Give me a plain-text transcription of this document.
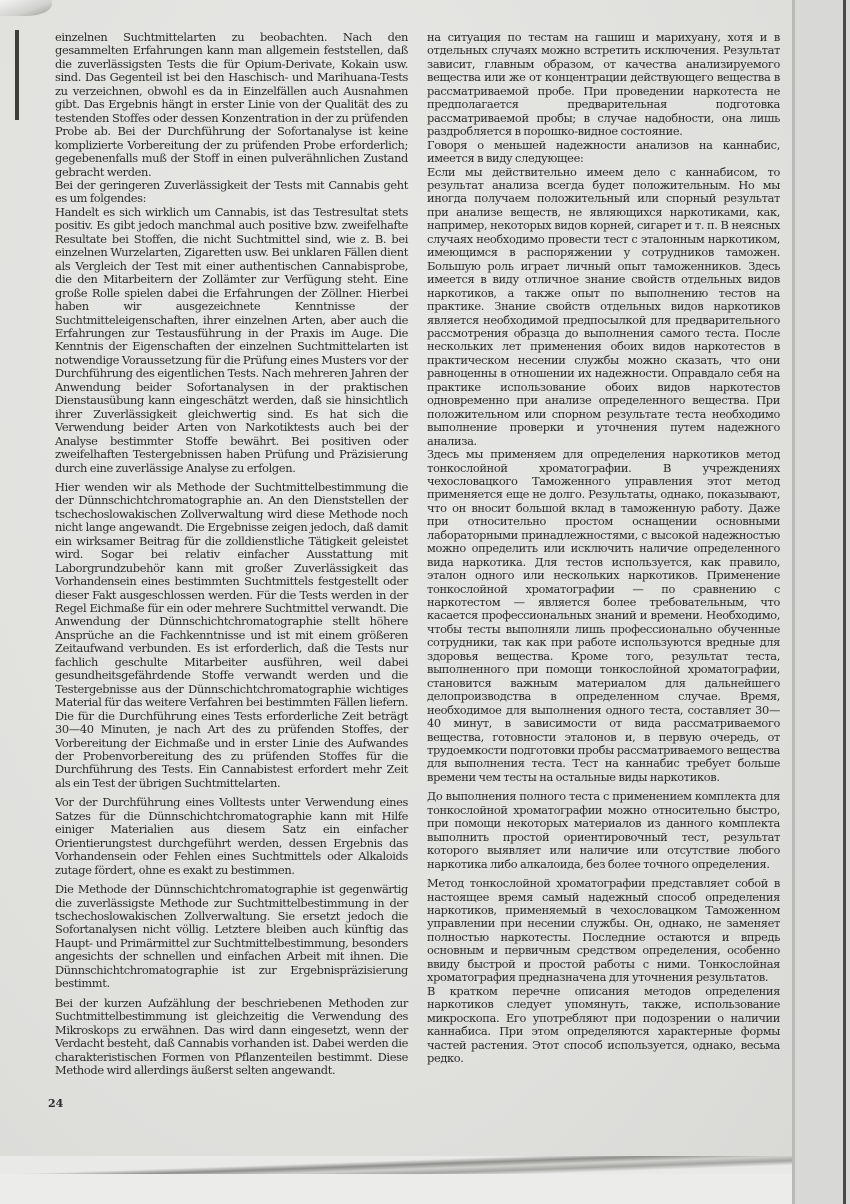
einzelnen Suchtmittelarten zu beobachten. Nach den gesammelten Erfahrungen kann man allgemein feststellen, daß die zuverlässigsten Tests die für Opium-Derivate, Kokain usw. sind. Das Gegenteil ist bei den Haschisch- und Marihuana-Tests zu verzeichnen, obwohl es da in Einzelfällen auch Ausnahmen gibt. Das Ergebnis hängt in erster Linie von der Qualität des zu testenden Stoffes oder dessen Konzentration in der zu prüfenden Probe ab. Bei der Durchführung der Sofortanalyse ist keine komplizierte Vorbereitung der zu prüfenden Probe erforderlich; gegebenenfalls muß der Stoff in einen pulverähnlichen Zustand gebracht werden.

Bei der geringeren Zuverlässigkeit der Tests mit Cannabis geht es um folgendes:

Handelt es sich wirklich um Cannabis, ist das Testresultat stets positiv. Es gibt jedoch manchmal auch positive bzw. zweifelhafte Resultate bei Stoffen, die nicht Suchtmittel sind, wie z. B. bei einzelnen Wurzelarten, Zigaretten usw. Bei unklaren Fällen dient als Vergleich der Test mit einer authentischen Cannabisprobe, die den Mitarbeitern der Zollämter zur Verfügung steht. Eine große Rolle spielen dabei die Erfahrungen der Zöllner. Hierbei haben wir ausgezeichnete Kenntnisse der Suchtmitteleigenschaften, ihrer einzelnen Arten, aber auch die Erfahrungen zur Testausführung in der Praxis im Auge. Die Kenntnis der Eigenschaften der einzelnen Suchtmittelarten ist notwendige Voraussetzung für die Prüfung eines Musters vor der Durchführung des eigentlichen Tests. Nach mehreren Jahren der Anwendung beider Sofortanalysen in der praktischen Dienstausübung kann eingeschätzt werden, daß sie hinsichtlich ihrer Zuverlässigkeit gleichwertig sind. Es hat sich die Verwendung beider Arten von Narkotiktests auch bei der Analyse bestimmter Stoffe bewährt. Bei positiven oder zweifelhaften Testergebnissen haben Prüfung und Präzisierung durch eine zuverlässige Analyse zu erfolgen.

Hier wenden wir als Methode der Suchtmittelbestimmung die der Dünnschichtchromatographie an. An den Dienststellen der tschechoslowakischen Zollverwaltung wird diese Methode noch nicht lange angewandt. Die Ergebnisse zeigen jedoch, daß damit ein wirksamer Beitrag für die zolldienstliche Tätigkeit geleistet wird. Sogar bei relativ einfacher Ausstattung mit Laborgrundzubehör kann mit großer Zuverlässigkeit das Vorhandensein eines bestimmten Suchtmittels festgestellt oder dieser Fakt ausgeschlossen werden. Für die Tests werden in der Regel Eichmaße für ein oder mehrere Suchtmittel verwandt. Die Anwendung der Dünnschichtchromatographie stellt höhere Ansprüche an die Fachkenntnisse und ist mit einem größeren Zeitaufwand verbunden. Es ist erforderlich, daß die Tests nur fachlich geschulte Mitarbeiter ausführen, weil dabei gesundheitsgefährdende Stoffe verwandt werden und die Testergebnisse aus der Dünnschichtchromatographie wichtiges Material für das weitere Verfahren bei bestimmten Fällen liefern. Die für die Durchführung eines Tests erforderliche Zeit beträgt 30—40 Minuten, je nach Art des zu prüfenden Stoffes, der Vorbereitung der Eichmaße und in erster Linie des Aufwandes der Probenvorbereitung des zu prüfenden Stoffes für die Durchführung des Tests. Ein Cannabistest erfordert mehr Zeit als ein Test der übrigen Suchtmittelarten.

Vor der Durchführung eines Volltests unter Verwendung eines Satzes für die Dünnschichtchromatographie kann mit Hilfe einiger Materialien aus diesem Satz ein einfacher Orientierungstest durchgeführt werden, dessen Ergebnis das Vorhandensein oder Fehlen eines Suchtmittels oder Alkaloids zutage fördert, ohne es exakt zu bestimmen.

Die Methode der Dünnschichtchromatographie ist gegenwärtig die zuverlässigste Methode zur Suchtmittelbestimmung in der tschechoslowakischen Zollverwaltung. Sie ersetzt jedoch die Sofortanalysen nicht völlig. Letztere bleiben auch künftig das Haupt- und Primärmittel zur Suchtmittelbestimmung, besonders angesichts der schnellen und einfachen Arbeit mit ihnen. Die Dünnschichtchromatographie ist zur Ergebnispräzisierung bestimmt.

Bei der kurzen Aufzählung der beschriebenen Methoden zur Suchtmittelbestimmung ist gleichzeitig die Verwendung des Mikroskops zu erwähnen. Das wird dann eingesetzt, wenn der Verdacht besteht, daß Cannabis vorhanden ist. Dabei werden die charakteristischen Formen von Pflanzenteilen bestimmt. Diese Methode wird allerdings äußerst selten angewandt.

на ситуация по тестам на гашиш и марихуану, хотя и в отдельных случаях можно встретить исключения. Результат зависит, главным образом, от качества анализируемого вещества или же от концентрации действующего вещества в рассматриваемой пробе. При проведении наркотеста не предполагается предварительная подготовка рассматриваемой пробы; в случае надобности, она лишь раздробляется в порошко-видное состояние.

Говоря о меньшей надежности анализов на каннабис, имеется в виду следующее:

Если мы действительно имеем дело с каннабисом, то результат анализа всегда будет положительным. Но мы иногда получаем положительный или спорный результат при анализе веществ, не являющихся наркотиками, как, например, некоторых видов корней, сигарет и т. п. В неясных случаях необходимо провести тест с эталонным наркотиком, имеющимся в распоряжении у сотрудников таможен. Большую роль играет личный опыт таможенников. Здесь имеется в виду отличное знание свойств отдельных видов наркотиков, а также опыт по выполнению тестов на практике. Знание свойств отдельных видов наркотиков является необходимой предпосылкой для предварительного рассмотрения образца до выполнения самого теста. После нескольких лет применения обоих видов наркотестов в практическом несении службы можно сказать, что они равноценны в отношении их надежности. Оправдало себя на практике использование обоих видов наркотестов одновременно при анализе определенного вещества. При положительном или спорном результате теста необходимо выполнение проверки и уточнения путем надежного анализа.

Здесь мы применяем для определения наркотиков метод тонкослойной хроматографии. В учреждениях чехословацкого Таможенного управления этот метод применяется еще не долго. Результаты, однако, показывают, что он вносит большой вклад в таможенную работу. Даже при относительно простом оснащении основными лабораторными принадлежностями, с высокой надежностью можно определить или исключить наличие определенного вида наркотика. Для тестов используется, как правило, эталон одного или нескольких наркотиков. Применение тонкослойной хроматографии — по сравнению с наркотестом — является более требовательным, что касается профессиональных знаний и времени. Необходимо, чтобы тесты выполняли лишь профессионально обученные сотрудники, так как при работе используются вредные для здоровья вещества. Кроме того, результат теста, выполненного при помощи тонкослойной хроматографии, становится важным материалом для дальнейшего делопроизводства в определенном случае. Время, необходимое для выполнения одного теста, составляет 30—40 минут, в зависимости от вида рассматриваемого вещества, готовности эталонов и, в первую очередь, от трудоемкости подготовки пробы рассматриваемого вещества для выполнения теста. Тест на каннабис требует больше времени чем тесты на остальные виды наркотиков.

До выполнения полного теста с применением комплекта для тонкослойной хроматографии можно относительно быстро, при помощи некоторых материалов из данного комплекта выполнить простой ориентировочный тест, результат которого выявляет или наличие или отсутствие любого наркотика либо алкалоида, без более точного определения.

Метод тонкослойной хроматографии представляет собой в настоящее время самый надежный способ определения наркотиков, применяемый в чехословацком Таможенном управлении при несении службы. Он, однако, не заменяет полностью наркотесты. Последние остаются и впредь основным и первичным средством определения, особенно ввиду быстрой и простой работы с ними. Тонкослойная хроматография предназначена для уточнения результатов.

В кратком перечне описания методов определения наркотиков следует упомянуть, также, использование микроскопа. Его употребляют при подозрении о наличии каннабиса. При этом определяются характерные формы частей растения. Этот способ используется, однако, весьма редко.

24
